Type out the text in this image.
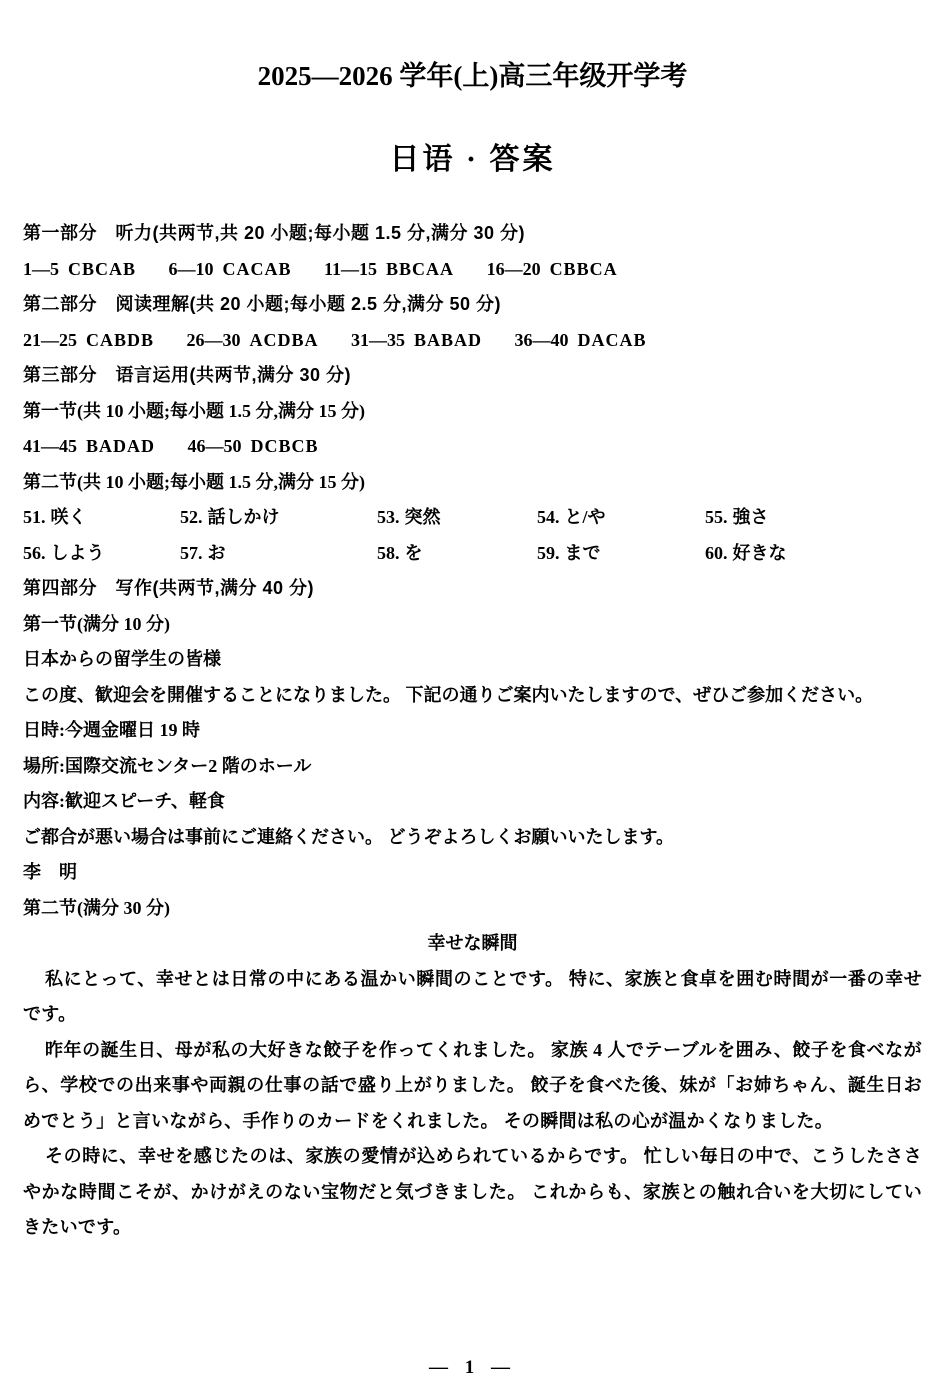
2025—2026 学年(上)高三年级开学考
日语 · 答案
第一部分　听力(共两节,共 20 小题;每小题 1.5 分,满分 30 分)
1—5 CBCAB 6—10 CACAB 11—15 BBCAA 16—20 CBBCA
第二部分　阅读理解(共 20 小题;每小题 2.5 分,满分 50 分)
21—25 CABDB 26—30 ACDBA 31—35 BABAD 36—40 DACAB
第三部分　语言运用(共两节,满分 30 分)
第一节(共 10 小题;每小题 1.5 分,满分 15 分)
41—45 BADAD 46—50 DCBCB
第二节(共 10 小题;每小题 1.5 分,满分 15 分)
51. 咲く	52. 話しかけ	53. 突然	54. と/や	55. 強さ
56. しよう	57. お	58. を	59. まで	60. 好きな
第四部分　写作(共两节,满分 40 分)
第一节(满分 10 分)
日本からの留学生の皆様
この度、歓迎会を開催することになりました。 下記の通りご案内いたしますので、ぜひご参加ください。
日時:今週金曜日 19 時
場所:国際交流センター2 階のホール
内容:歓迎スピーチ、軽食
ご都合が悪い場合は事前にご連絡ください。 どうぞよろしくお願いいたします。
李　明
第二节(满分 30 分)
幸せな瞬間

私にとって、幸せとは日常の中にある温かい瞬間のことです。 特に、家族と食卓を囲む時間が一番の幸せです。

昨年の誕生日、母が私の大好きな餃子を作ってくれました。 家族 4 人でテーブルを囲み、餃子を食べながら、学校での出来事や両親の仕事の話で盛り上がりました。 餃子を食べた後、妹が「お姉ちゃん、誕生日おめでとう」と言いながら、手作りのカードをくれました。 その瞬間は私の心が温かくなりました。

その時に、幸せを感じたのは、家族の愛情が込められているからです。 忙しい毎日の中で、こうしたささやかな時間こそが、かけがえのない宝物だと気づきました。 これからも、家族との触れ合いを大切にしていきたいです。

— 1 —
